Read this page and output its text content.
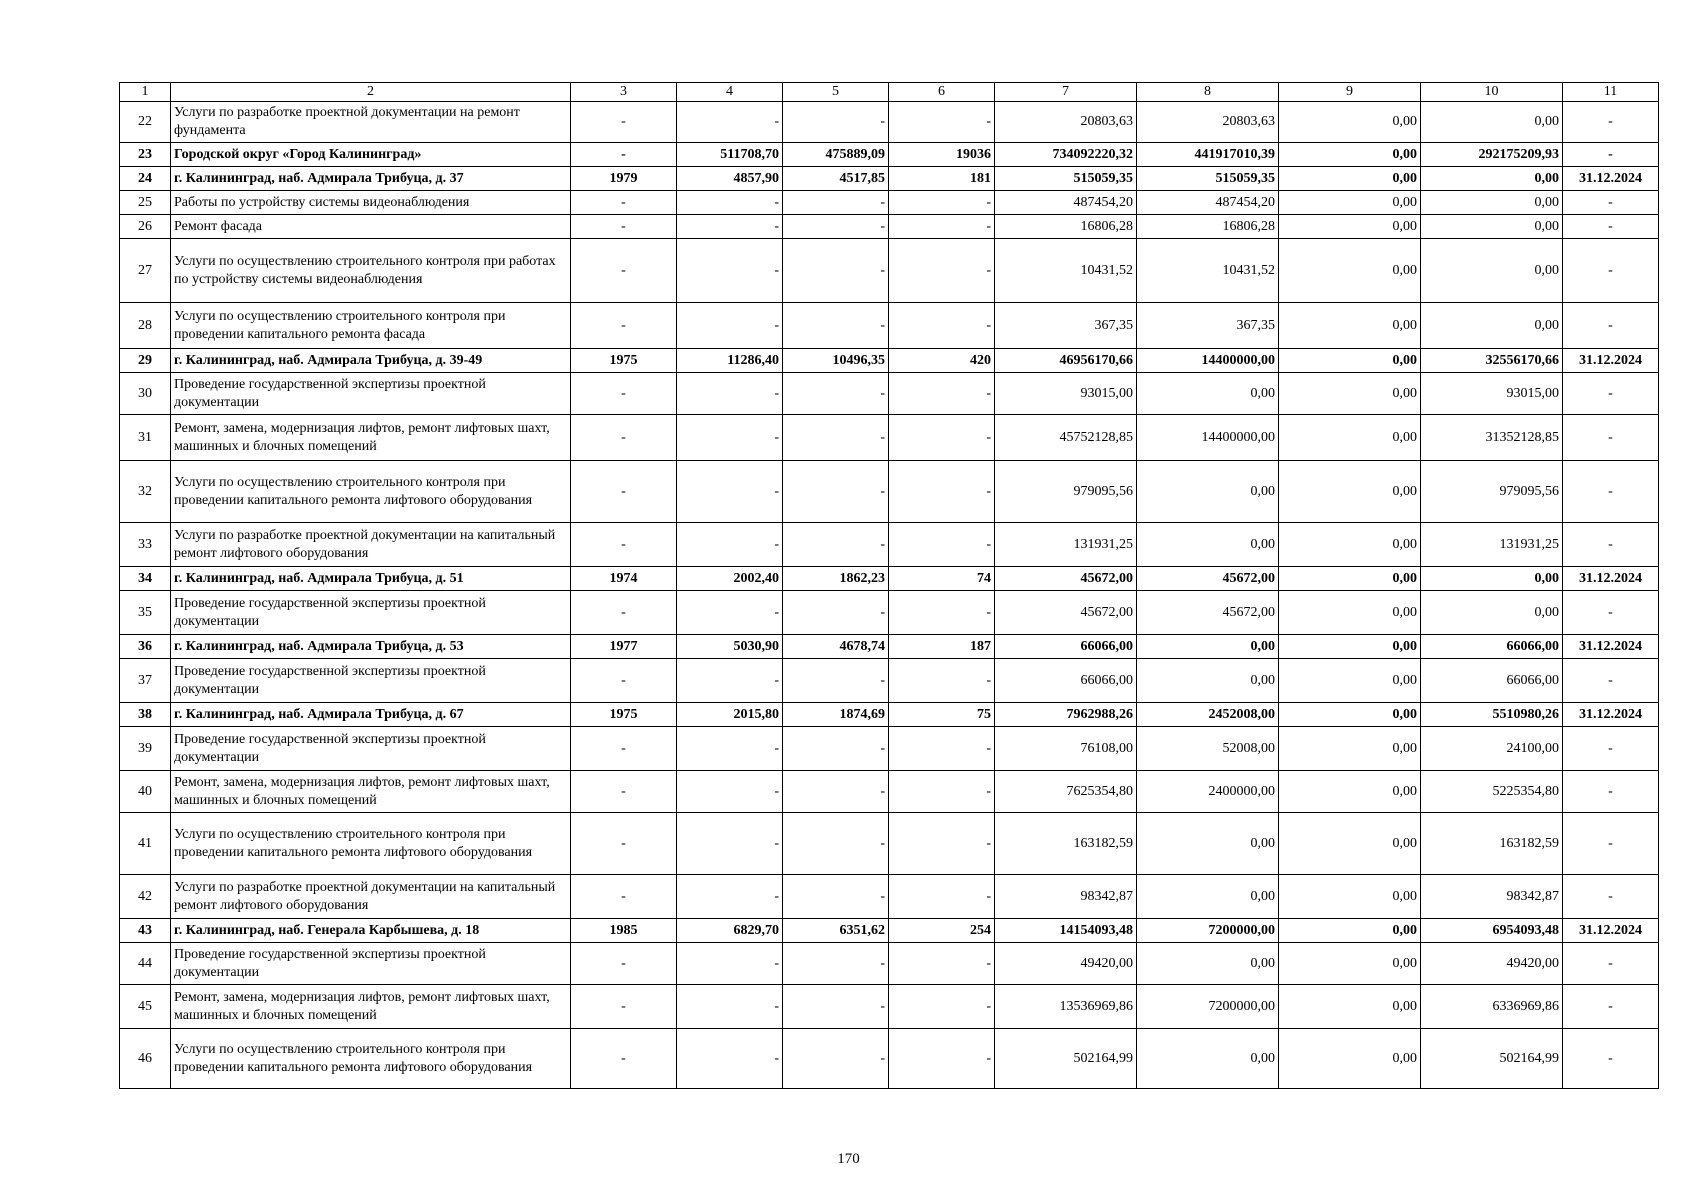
1	2	3	4	5	6	7	8	9	10	11
22	Услуги по разработке проектной документации на ремонт фундамента	-	-	-	-	20803,63	20803,63	0,00	0,00	-
23	Городской округ «Город Калининград»	-	511708,70	475889,09	19036	734092220,32	441917010,39	0,00	292175209,93	-
24	г. Калининград, наб. Адмирала Трибуца, д. 37	1979	4857,90	4517,85	181	515059,35	515059,35	0,00	0,00	31.12.2024
25	Работы по устройству системы видеонаблюдения	-	-	-	-	487454,20	487454,20	0,00	0,00	-
26	Ремонт фасада	-	-	-	-	16806,28	16806,28	0,00	0,00	-
27	Услуги по осуществлению строительного контроля при работах по устройству системы видеонаблюдения	-	-	-	-	10431,52	10431,52	0,00	0,00	-
28	Услуги по осуществлению строительного контроля при проведении капитального ремонта фасада	-	-	-	-	367,35	367,35	0,00	0,00	-
29	г. Калининград, наб. Адмирала Трибуца, д. 39-49	1975	11286,40	10496,35	420	46956170,66	14400000,00	0,00	32556170,66	31.12.2024
30	Проведение государственной экспертизы проектной документации	-	-	-	-	93015,00	0,00	0,00	93015,00	-
31	Ремонт, замена, модернизация лифтов, ремонт лифтовых шахт, машинных и блочных помещений	-	-	-	-	45752128,85	14400000,00	0,00	31352128,85	-
32	Услуги по осуществлению строительного контроля при проведении капитального ремонта лифтового оборудования	-	-	-	-	979095,56	0,00	0,00	979095,56	-
33	Услуги по разработке проектной документации на капитальный ремонт лифтового оборудования	-	-	-	-	131931,25	0,00	0,00	131931,25	-
34	г. Калининград, наб. Адмирала Трибуца, д. 51	1974	2002,40	1862,23	74	45672,00	45672,00	0,00	0,00	31.12.2024
35	Проведение государственной экспертизы проектной документации	-	-	-	-	45672,00	45672,00	0,00	0,00	-
36	г. Калининград, наб. Адмирала Трибуца, д. 53	1977	5030,90	4678,74	187	66066,00	0,00	0,00	66066,00	31.12.2024
37	Проведение государственной экспертизы проектной документации	-	-	-	-	66066,00	0,00	0,00	66066,00	-
38	г. Калининград, наб. Адмирала Трибуца, д. 67	1975	2015,80	1874,69	75	7962988,26	2452008,00	0,00	5510980,26	31.12.2024
39	Проведение государственной экспертизы проектной документации	-	-	-	-	76108,00	52008,00	0,00	24100,00	-
40	Ремонт, замена, модернизация лифтов, ремонт лифтовых шахт, машинных и блочных помещений	-	-	-	-	7625354,80	2400000,00	0,00	5225354,80	-
41	Услуги по осуществлению строительного контроля при проведении капитального ремонта лифтового оборудования	-	-	-	-	163182,59	0,00	0,00	163182,59	-
42	Услуги по разработке проектной документации на капитальный ремонт лифтового оборудования	-	-	-	-	98342,87	0,00	0,00	98342,87	-
43	г. Калининград, наб. Генерала Карбышева, д. 18	1985	6829,70	6351,62	254	14154093,48	7200000,00	0,00	6954093,48	31.12.2024
44	Проведение государственной экспертизы проектной документации	-	-	-	-	49420,00	0,00	0,00	49420,00	-
45	Ремонт, замена, модернизация лифтов, ремонт лифтовых шахт, машинных и блочных помещений	-	-	-	-	13536969,86	7200000,00	0,00	6336969,86	-
46	Услуги по осуществлению строительного контроля при проведении капитального ремонта лифтового оборудования	-	-	-	-	502164,99	0,00	0,00	502164,99	-
170
